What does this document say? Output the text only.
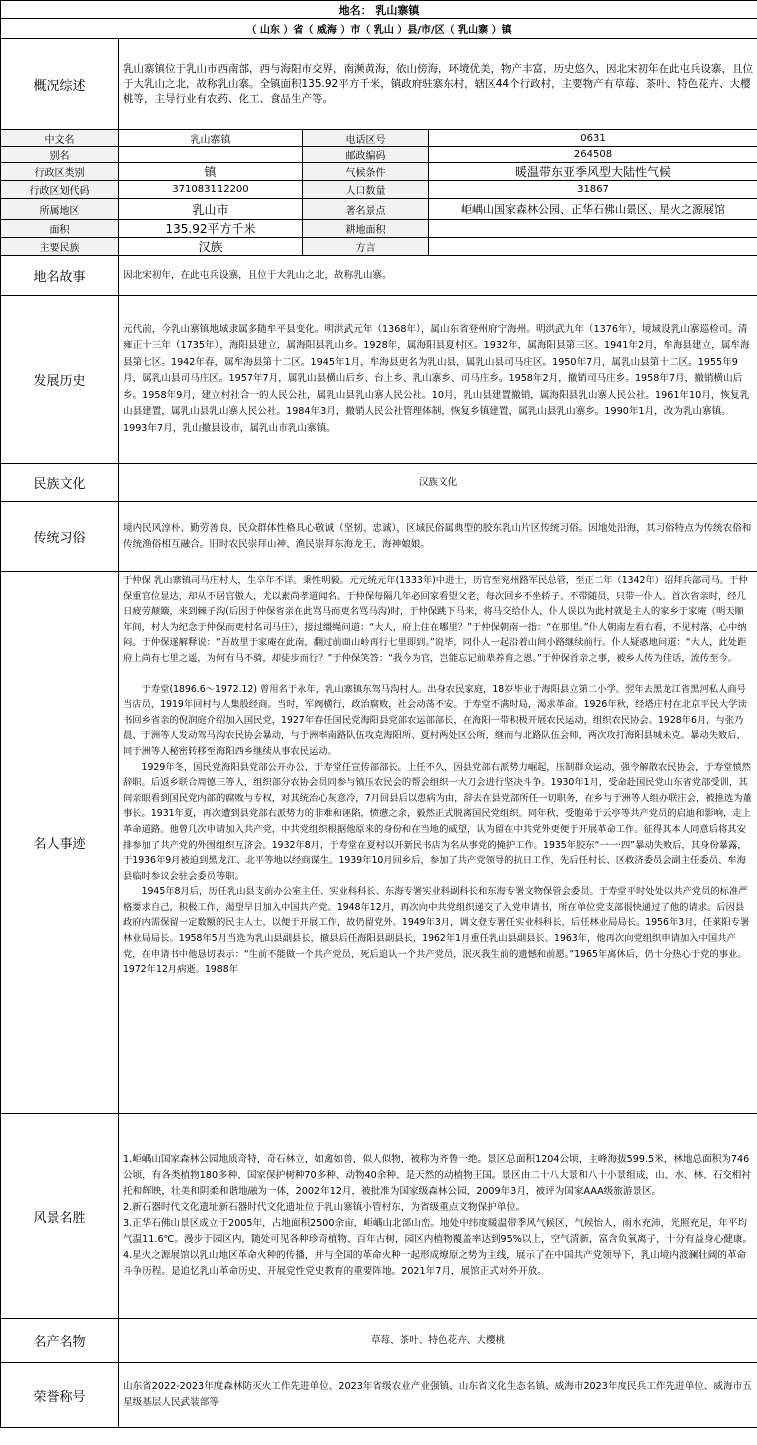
地名： 乳山寨镇			
（ 山东 ）省（ 威海 ）市（ 乳山 ）县/市/区（ 乳山寨 ）镇			
概况综述	乳山寨镇位于乳山市西南部，西与海阳市交界，南濒黄海，依山傍海，环境优美，物产丰富，历史悠久，因北宋初年在此屯兵设寨，且位于大乳山之北，故称乳山寨。全镇面积135.92平方千米，镇政府驻寨东村，辖区44个行政村，主要物产有草莓、茶叶、特色花卉、大樱桃等，主导行业有农药、化工、食品生产等。		
中文名	乳山寨镇	电话区号	0631
别名		邮政编码	264508
行政区类别	镇	气候条件	暖温带东亚季风型大陆性气候
行政区划代码	371083112200	人口数量	31867
所属地区	乳山市	著名景点	岠嵎山国家森林公园、正华石佛山景区、星火之源展馆
面积	135.92平方千米	耕地面积	
主要民族	汉族	方言	
地名故事	因北宋初年，在此屯兵设寨，且位于大乳山之北，故称乳山寨。		
发展历史	元代前，今乳山寨镇地域隶属多随牟平县变化。明洪武元年（1368年），属山东省登州府宁海州。明洪武九年（1376年），境域设乳山寨巡检司。清雍正十三年（1735年），海阳县建立，属海阳县乳山乡。1928年，属海阳县夏村区。1932年，属海阳县第三区。1941年2月，牟海县建立，属牟海县第七区。1942年春，属牟海县第十二区。1945年1月，牟海县更名为乳山县，属乳山县司马庄区。1950年7月，属乳山县第十二区。1955年9月，属乳山县司马庄区。1957年7月，属乳山县横山后乡、台上乡、乳山寨乡、司马庄乡。1958年2月，撤销司马庄乡。1958年7月，撤销横山后乡。1958年9月，建立村社合一的人民公社，属乳山县乳山寨人民公社。10月，乳山县建置撤销，属海阳县乳山寨人民公社。1961年10月，恢复乳山县建置，属乳山县乳山寨人民公社。1984年3月，撤销人民公社管理体制，恢复乡镇建置，属乳山县乳山寨乡。1990年1月，改为乳山寨镇。1993年7月，乳山撤县设市，属乳山市乳山寨镇。		
民族文化	汉族文化		
传统习俗	境内民风淳朴、勤劳善良，民众群体性格具心敬诚（坚韧、忠诚），区域民俗属典型的胶东乳山片区传统习俗。因地处沿海，其习俗特点为传统农俗和传统渔俗相互融合。旧时农民崇拜山神、渔民崇拜东海龙王、海神娘娘。		
名人事迹	于仲保 乳山寨镇司马庄村人，生卒年不详。秉性明毅。元元统元年(1333年)中进士，历官至兖州路军民总管，至正二年（1342年）诏拜兵部司马。于仲保重官位显达，却从不居官傲人，尤以素尚孝道闻名。于仲保每隔几年必回家看望父老，每次回乡不坐轿子、不带随员，只带一仆人。首次省亲时，经几日疲劳颠簸，来到棘子沟(后因于仲保省亲在此骂马而更名骂马沟)时，于仲保跳下马来，将马交给仆人，仆人误以为此村就是主人的家乡于家庵（明天顺年间，村人为纪念于仲保而更村名司马庄），接过缰绳问道：“大人，府上住在哪里？”于仲保朝南一指：“在那里。”仆人朝南左看右看，不见村落，心中纳闷。于仲保遂解释说：“吾故里于家庵在此南，翻过前面山岭再行七里即到。”说毕，同仆人一起沿着山间小路继续前行。仆人疑惑地问道：“大人，此处距府上尚有七里之遥，为何有马不骑，却徒步而行？”于仲保笑答：“我今为官，岂能忘记前辈养育之恩。”于仲保首亲之事，被乡人传为佳话，流传至今。

于寿堂(1896.6～1972.12) 曾用名于永年，乳山寨镇东驾马沟村人。出身农民家庭，18岁毕业于海阳县立第二小学。翌年去黑龙江省黑河私人商号当店员，1919年回村与人集股经商。当时，军阀横行，政治腐败，社会动荡不安。于寿堂不满时局，渴求革命。1926年秋，经塔庄村在北京平民大学读书回乡省亲的倪润庭介绍加入国民党，1927年春任国民党海阳县党部农运部部长，在海阳一带积极开展农民运动，组织农民协会。1928年6月，与张乃晨、于洲等人发动驾马沟农民协会暴动，与于洲率南路队伍攻克海阳所、夏村两处区公所，继而与北路队伍会师，两次攻打海阳县城未克。暴动失败后，同于洲等人秘密转移至海阳西乡继续从事农民运动。

1929年冬，国民党海阳县党部公开办公，于寿堂任宣传部部长。上任不久，因县党部右派势力崛起，压制群众运动，强令解散农民协会，于寿堂愤然辞职。后返乡联合周德三等人，组织部分农协会员同参与镇压农民会的帮会组织一大刀会进行坚决斗争。1930年1月，受命赴国民党山东省党部受训，其间亲眼看到国民党内部的腐败与专权，对其统治心灰意冷，7月回县后以患病为由，辞去在县党部所任一切职务，在乡与于洲等人组办联庄会，被推选为董事长。1931年夏，再次遭到县党部右派势力的非难和诬陷，愤懑之余，毅然正式脱离国民党组织。同年秋，受胞弟于云亭等共产党员的启迪和影响，走上革命道路。他曾几次申请加入共产党，中共党组织根据他原来的身份和在当地的威望，认为留在中共党外更便于开展革命工作。征得其本人同意后将其安排参加了共产党的外围组织互济会。1932年8月，于寿堂在夏村以开新民书店为名从事党的掩护工作。1935年胶东“一一·四”暴动失败后，其身份暴露，于1936年9月被迫到黑龙江、北平等地以经商谋生。1939年10月回乡后，参加了共产党领导的抗日工作，先后任村长、区救济委员会副主任委员、牟海县临时参议会驻会委员等职。

1945年8月后，历任乳山县支前办公室主任、实业科科长、东海专署实业科副科长和东海专署文物保管会委员。于寿堂平时处处以共产党员的标准严格要求自己，积极工作，渴望早日加入中国共产党。1948年12月，再次向中共党组织递交了入党申请书，所在单位党支部很快通过了他的请求。后因县政府内需保留一定数额的民主人士，以便于开展工作，故仍留党外。1949年3月，调文登专署任实业科科长，后任林业局局长。1956年3月，任莱阳专署林业局局长。1958年5月当选为乳山县副县长，撤县后任海阳县副县长，1962年1月重任乳山县副县长。1963年，他再次向党组织申请加入中国共产党，在申请书中他恳切表示：“生前不能做一个共产党员，死后追认一个共产党员，泯灭我生前的遗憾和前愿。”1965年离休后，仍十分热心于党的事业。1972年12月病逝。1988年		

风景名胜	1.岠嵎山国家森林公园地质奇特，奇石林立，如禽如兽，似人似物，被称为齐鲁一绝。景区总面积1204公顷，主峰海拔599.5米，林地总面积为746公顷，有各类植物180多种、国家保护树种70多种、动物40余种、是天然的动植物王国。景区由二十八大景和八十小景组成，山、水、林、石交相衬托和辉映，壮美和阴柔和谐地融为一体，2002年12月，被批准为国家级森林公园，2009年3月，被评为国家AAA级旅游景区。

2.新石器时代文化遗址新石器时代文化遗址位于乳山寨镇小管村东，为省级重点文物保护单位。

3.正华石佛山景区成立于2005年，占地面积2500余亩，岠嵎山北部山峦。地处中纬度暖温带季风气候区，气候怡人，雨水充沛，光照充足，年平均气温11.6℃。漫步于园区内，随处可见各种珍奇植物、百年古树，园区内植物覆盖率达到95%以上，空气清新，富含负氧离子，十分有益身心健康。

4.星火之源展馆以乳山地区革命火种的传播，并与全国的革命火种一起形成燎原之势为主线，展示了在中国共产党领导下，乳山境内波澜壮阔的革命斗争历程。是追忆乳山革命历史、开展党性党史教育的重要阵地。2021年7月，展馆正式对外开放。		

名产名物	草莓、茶叶、特色花卉、大樱桃		
荣誉称号	山东省2022-2023年度森林防灭火工作先进单位、2023年省级农业产业强镇、山东省文化生态名镇、威海市2023年度民兵工作先进单位、威海市五星级基层人民武装部等		
